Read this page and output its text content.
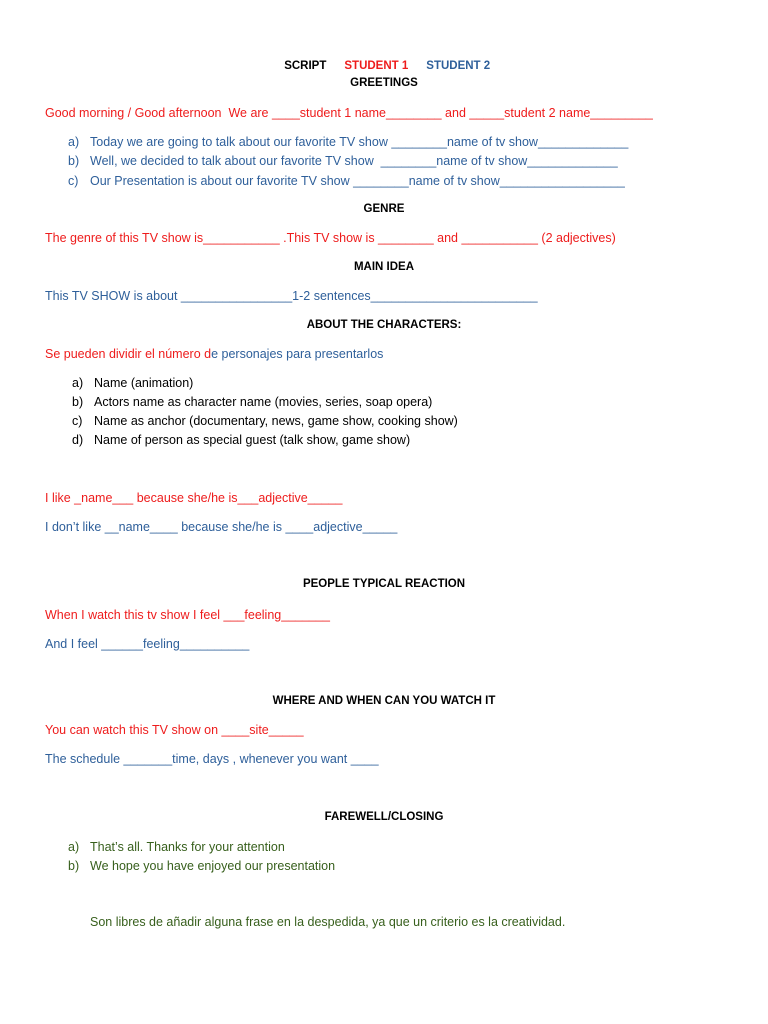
SCRIPT STUDENT 1 STUDENT 2

GREETINGS
Good morning / Good afternoon  We are ____student 1 name________ and _____student 2 name_________
a) Today we are going to talk about our favorite TV show ________name of tv show_____________
b) Well, we decided to talk about our favorite TV show  ________name of tv show_____________
c) Our Presentation is about our favorite TV show ________name of tv show__________________
GENRE
The genre of this TV show is___________ .This TV show is ________ and ___________ (2 adjectives)
MAIN IDEA
This TV SHOW is about ________________1-2 sentences________________________
ABOUT THE CHARACTERS:
Se pueden dividir el número de personajes para presentarlos
a) Name (animation)
b) Actors name as character name (movies, series, soap opera)
c) Name as anchor (documentary, news, game show, cooking show)
d) Name of person as special guest (talk show, game show)
I like _name___ because she/he is___adjective_____
I don’t like __name____ because she/he is ____adjective_____
PEOPLE TYPICAL REACTION
When I watch this tv show I feel ___feeling_______
And I feel ______feeling__________
WHERE AND WHEN CAN YOU WATCH IT
You can watch this TV show on ____site_____
The schedule _______time, days , whenever you want ____
FAREWELL/CLOSING
a) That’s all. Thanks for your attention
b) We hope you have enjoyed our presentation
Son libres de añadir alguna frase en la despedida, ya que un criterio es la creatividad.
